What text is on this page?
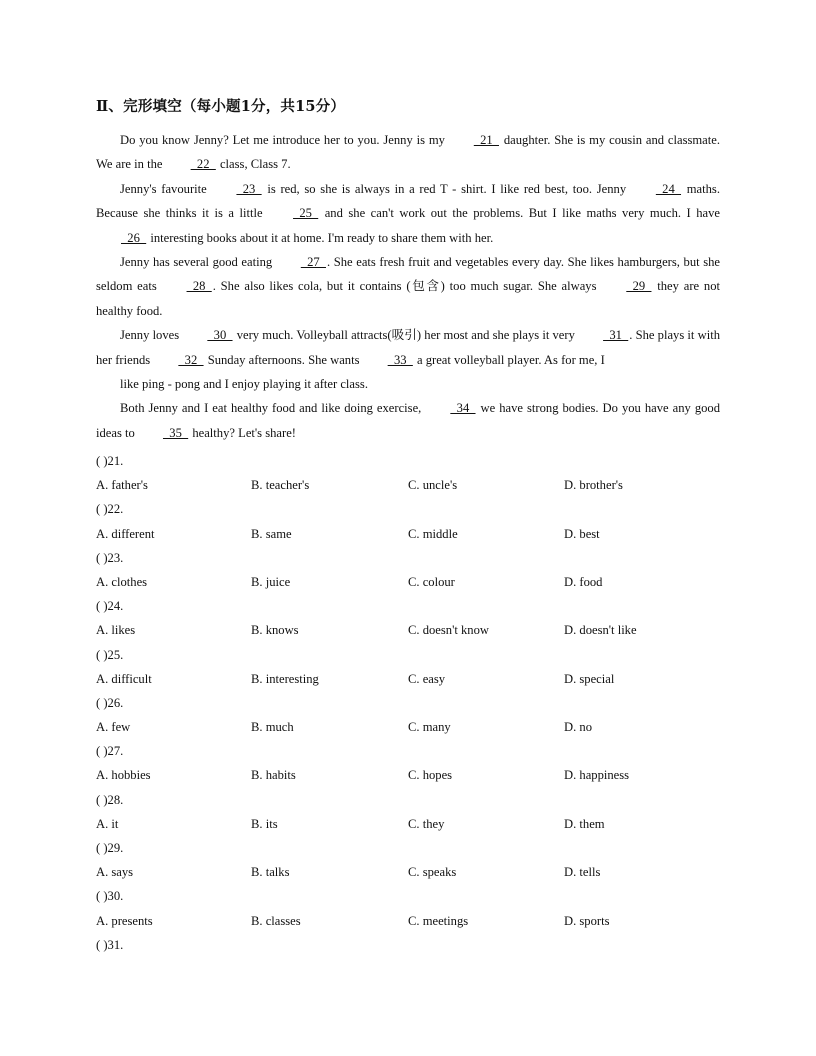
Ⅱ、完形填空（每小题1分，共15分）

Do you know Jenny? Let me introduce her to you. Jenny is my   21   daughter. She is my cousin and classmate. We are in the   22   class, Class 7.

Jenny's favourite   23   is red, so she is always in a red T - shirt. I like red best, too. Jenny   24   maths. Because she thinks it is a little   25   and she can't work out the problems. But I like maths very much. I have   26   interesting books about it at home. I'm ready to share them with her.

Jenny has several good eating   27  . She eats fresh fruit and vegetables every day. She likes hamburgers, but she seldom eats   28  . She also likes cola, but it contains (包含) too much sugar. She always   29   they are not healthy food.

Jenny loves   30   very much. Volleyball attracts(吸引) her most and she plays it very   31  . She plays it with her friends   32   Sunday afternoons. She wants   33   a great volleyball player. As for me, I

like ping - pong and I enjoy playing it after class.

Both Jenny and I eat healthy food and like doing exercise,   34   we have strong bodies. Do you have any good ideas to   35   healthy? Let's share!

( )21.
A. father's	B. teacher's	C. uncle's	D. brother's
( )22.
A. different	B. same	C. middle	D. best
( )23.
A. clothes	B. juice	C. colour	D. food
( )24.
A. likes	B. knows	C. doesn't know	D. doesn't like
( )25.
A. difficult	B. interesting	C. easy	D. special
( )26.
A. few	B. much	C. many	D. no
( )27.
A. hobbies	B. habits	C. hopes	D. happiness
( )28.
A. it	B. its	C. they	D. them
( )29.
A. says	B. talks	C. speaks	D. tells
( )30.
A. presents	B. classes	C. meetings	D. sports
( )31.
